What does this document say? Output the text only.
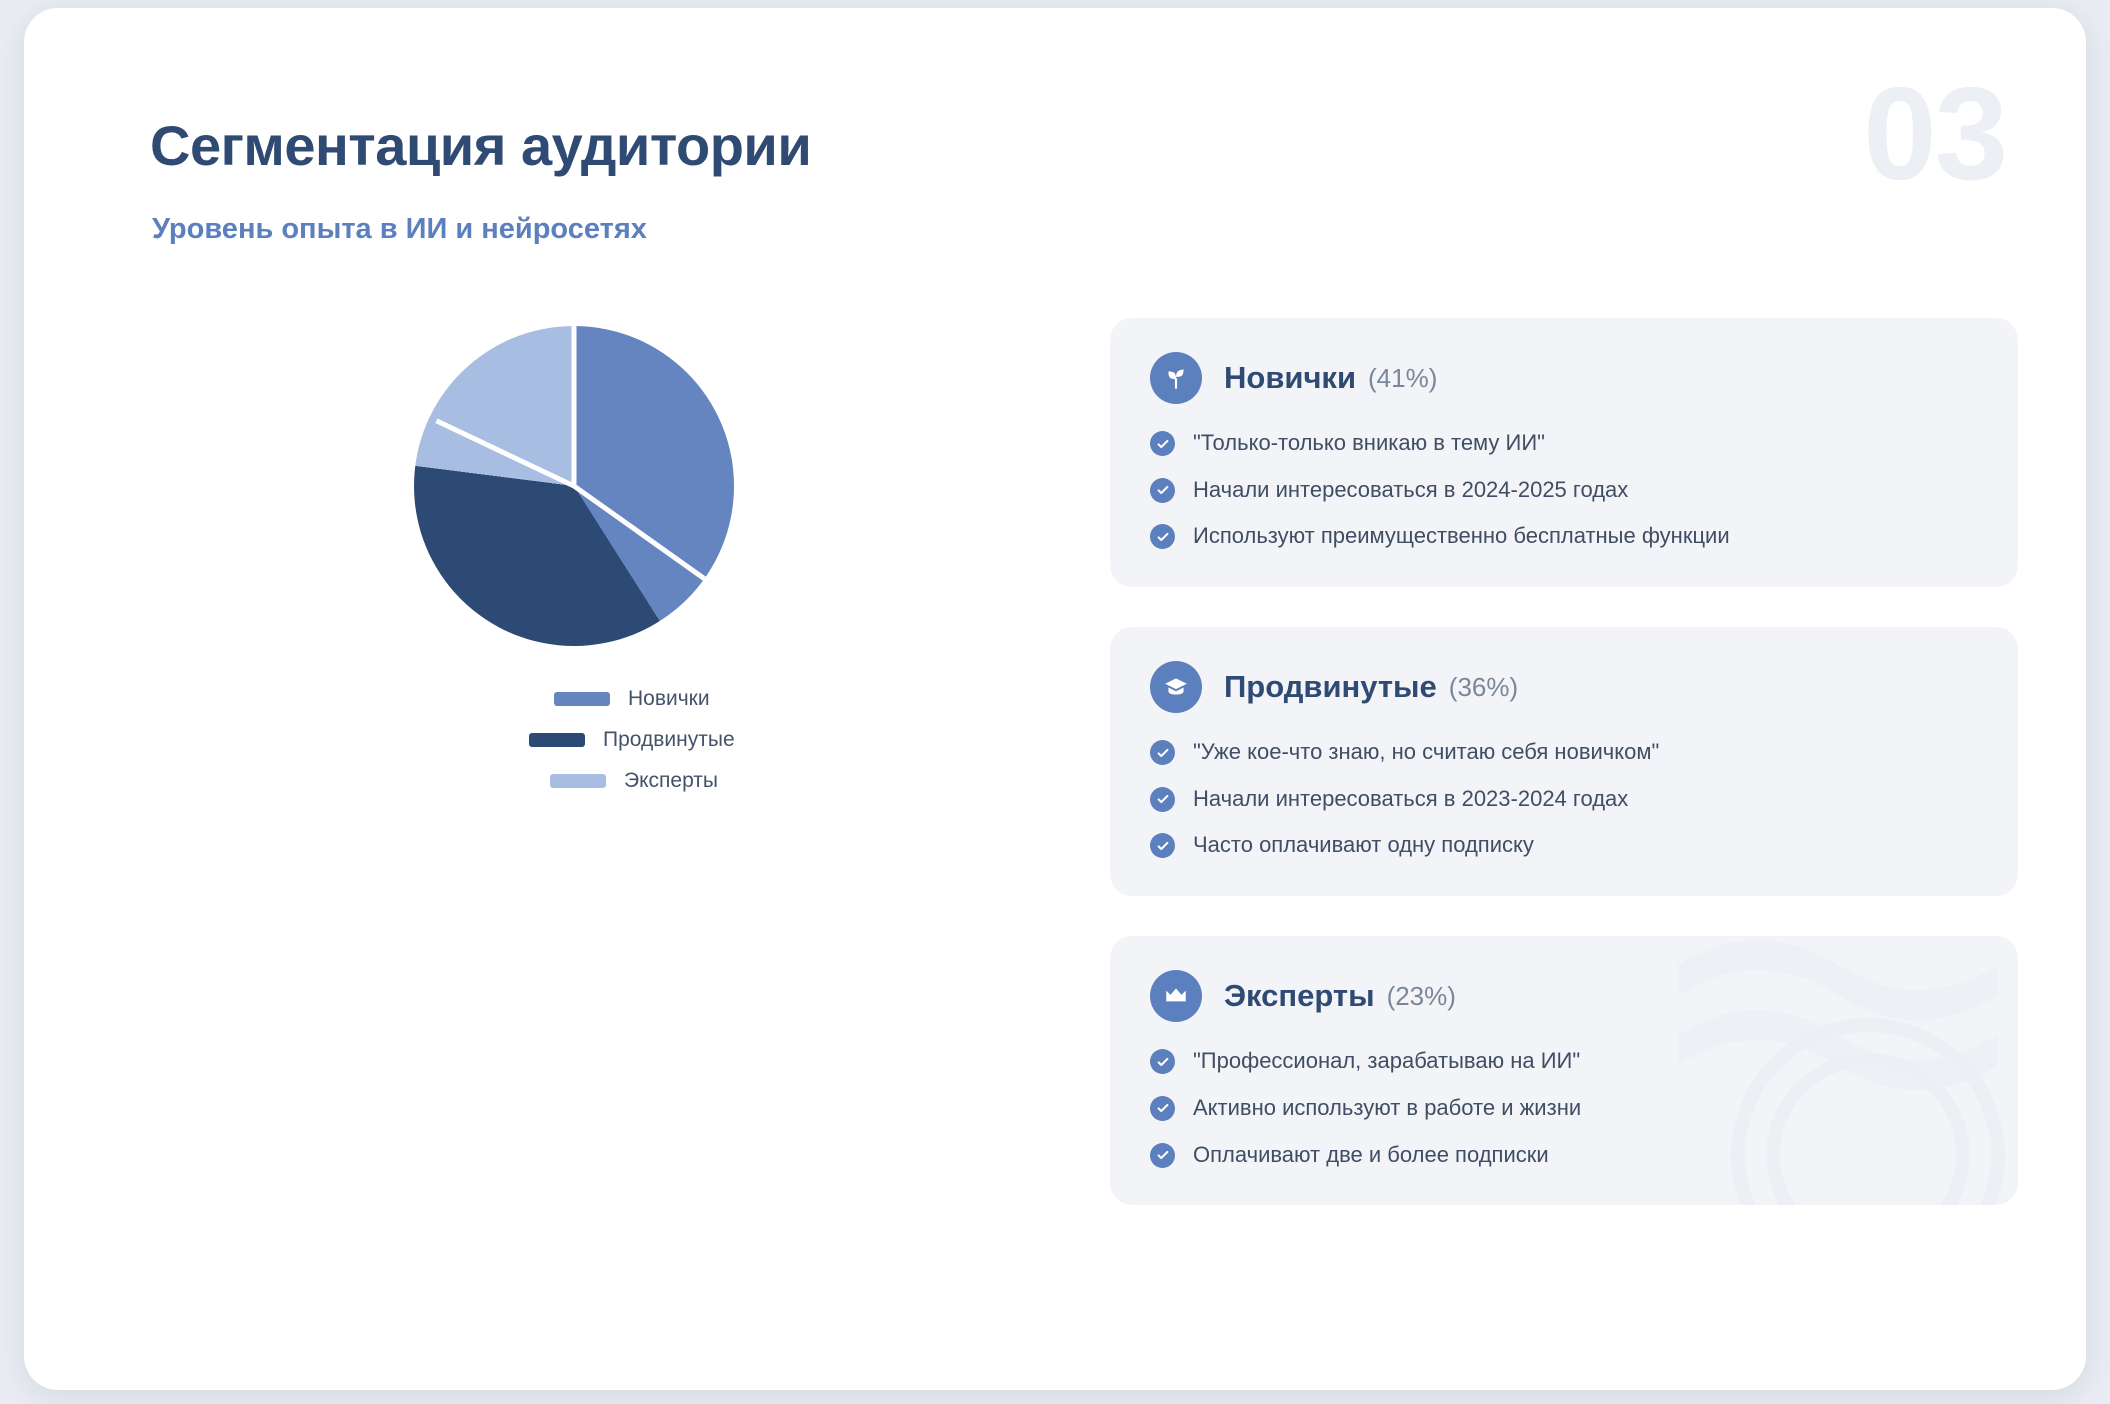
03
Сегментация аудитории
Уровень опыта в ИИ и нейросетях
Новички
Продвинутые
Эксперты
Новички (41%)
"Только-только вникаю в тему ИИ"
Начали интересоваться в 2024-2025 годах
Используют преимущественно бесплатные функции
Продвинутые (36%)
"Уже кое-что знаю, но считаю себя новичком"
Начали интересоваться в 2023-2024 годах
Часто оплачивают одну подписку
Эксперты (23%)
"Профессионал, зарабатываю на ИИ"
Активно используют в работе и жизни
Оплачивают две и более подписки
